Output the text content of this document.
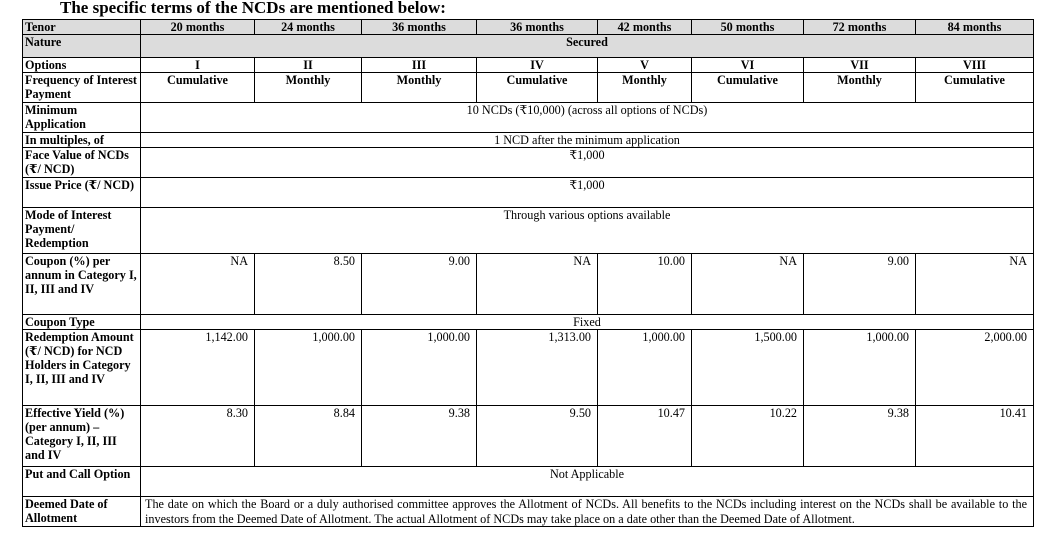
The specific terms of the NCDs are mentioned below:
Tenor	20 months	24 months	36 months	36 months	42 months	50 months	72 months	84 months
Nature	Secured							
Options	I	II	III	IV	V	VI	VII	VIII
Frequency of Interest Payment	Cumulative	Monthly	Monthly	Cumulative	Monthly	Cumulative	Monthly	Cumulative
Minimum Application	10 NCDs (₹10,000) (across all options of NCDs)							
In multiples, of	1 NCD after the minimum application							
Face Value of NCDs (₹/ NCD)	₹1,000							
Issue Price (₹/ NCD)	₹1,000							
Mode of Interest Payment/ Redemption	Through various options available							
Coupon (%) per annum in Category I, II, III and IV	NA	8.50	9.00	NA	10.00	NA	9.00	NA
Coupon Type	Fixed							
Redemption Amount (₹/ NCD) for NCD Holders in Category I, II, III and IV	1,142.00	1,000.00	1,000.00	1,313.00	1,000.00	1,500.00	1,000.00	2,000.00
Effective Yield (%) (per annum) – Category I, II, III and IV	8.30	8.84	9.38	9.50	10.47	10.22	9.38	10.41
Put and Call Option	Not Applicable							
Deemed Date of Allotment	The date on which the Board or a duly authorised committee approves the Allotment of NCDs. All benefits to the NCDs including interest on the NCDs shall be available to the investors from the Deemed Date of Allotment. The actual Allotment of NCDs may take place on a date other than the Deemed Date of Allotment.							
